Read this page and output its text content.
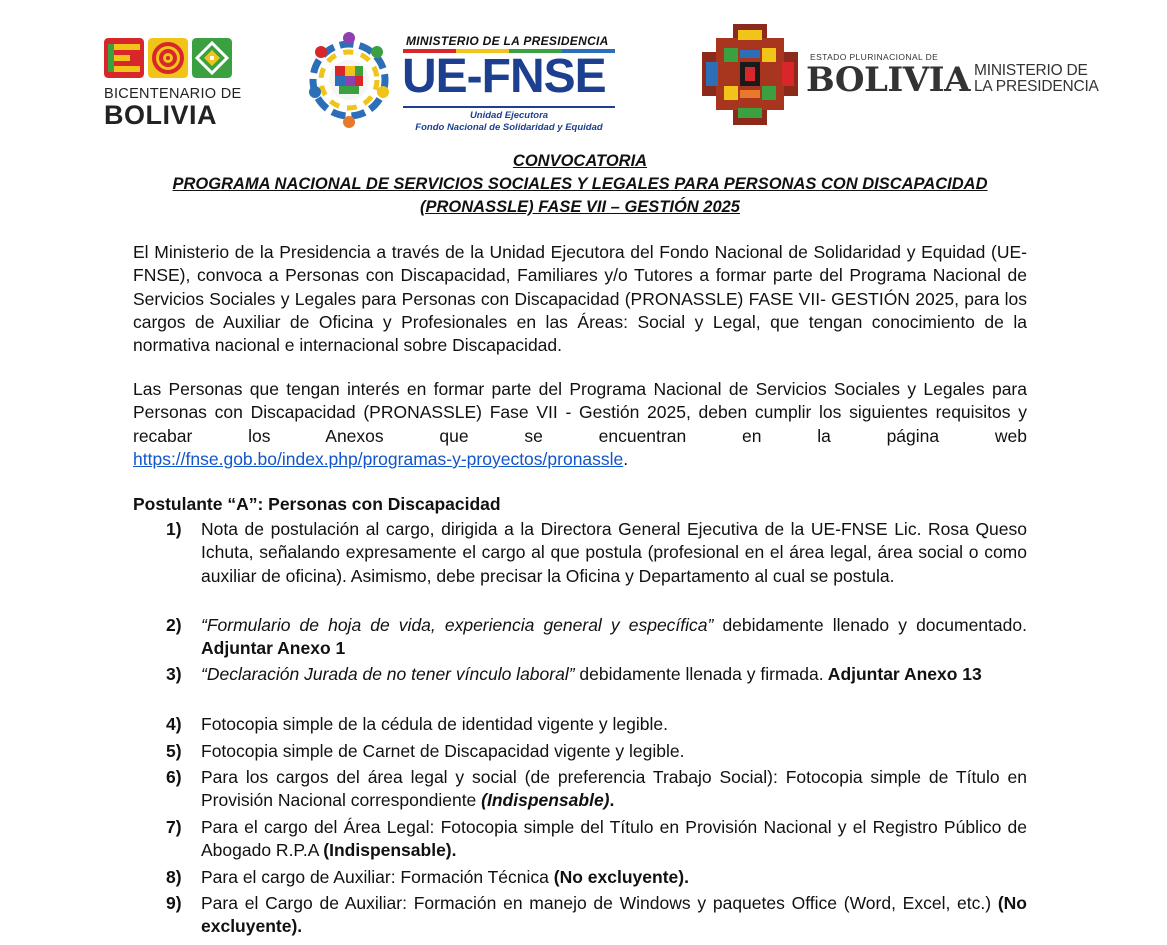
BICENTENARIO DE
BOLIVIA
MINISTERIO DE LA PRESIDENCIA
UE-FNSE
Unidad Ejecutora
Fondo Nacional de Solidaridad y Equidad
ESTADO PLURINACIONAL DE
BOLIVIA MINISTERIO DE
LA PRESIDENCIA
CONVOCATORIA
PROGRAMA NACIONAL DE SERVICIOS SOCIALES Y LEGALES PARA PERSONAS CON DISCAPACIDAD
(PRONASSLE) FASE VII – GESTIÓN 2025
El Ministerio de la Presidencia a través de la Unidad Ejecutora del Fondo Nacional de Solidaridad y Equidad (UE-FNSE), convoca a Personas con Discapacidad, Familiares y/o Tutores a formar parte del Programa Nacional de Servicios Sociales y Legales para Personas con Discapacidad (PRONASSLE) FASE VII- GESTIÓN 2025, para los cargos de Auxiliar de Oficina y Profesionales en las Áreas: Social y Legal, que tengan conocimiento de la normativa nacional e internacional sobre Discapacidad.
Las Personas que tengan interés en formar parte del Programa Nacional de Servicios Sociales y Legales para Personas con Discapacidad (PRONASSLE) Fase VII - Gestión 2025, deben cumplir los siguientes requisitos y recabar los Anexos que se encuentran en la página web
https://fnse.gob.bo/index.php/programas-y-proyectos/pronassle.
Postulante “A”: Personas con Discapacidad
1) Nota de postulación al cargo, dirigida a la Directora General Ejecutiva de la UE-FNSE Lic. Rosa Queso Ichuta, señalando expresamente el cargo al que postula (profesional en el área legal, área social o como auxiliar de oficina). Asimismo, debe precisar la Oficina y Departamento al cual se postula.
2) “Formulario de hoja de vida, experiencia general y específica” debidamente llenado y documentado. Adjuntar Anexo 1
3) “Declaración Jurada de no tener vínculo laboral” debidamente llenada y firmada. Adjuntar Anexo 13
4) Fotocopia simple de la cédula de identidad vigente y legible.
5) Fotocopia simple de Carnet de Discapacidad vigente y legible.
6) Para los cargos del área legal y social (de preferencia Trabajo Social): Fotocopia simple de Título en Provisión Nacional correspondiente (Indispensable).
7) Para el cargo del Área Legal: Fotocopia simple del Título en Provisión Nacional y el Registro Público de Abogado R.P.A (Indispensable).
8) Para el cargo de Auxiliar: Formación Técnica (No excluyente).
9) Para el Cargo de Auxiliar: Formación en manejo de Windows y paquetes Office (Word, Excel, etc.) (No excluyente).
